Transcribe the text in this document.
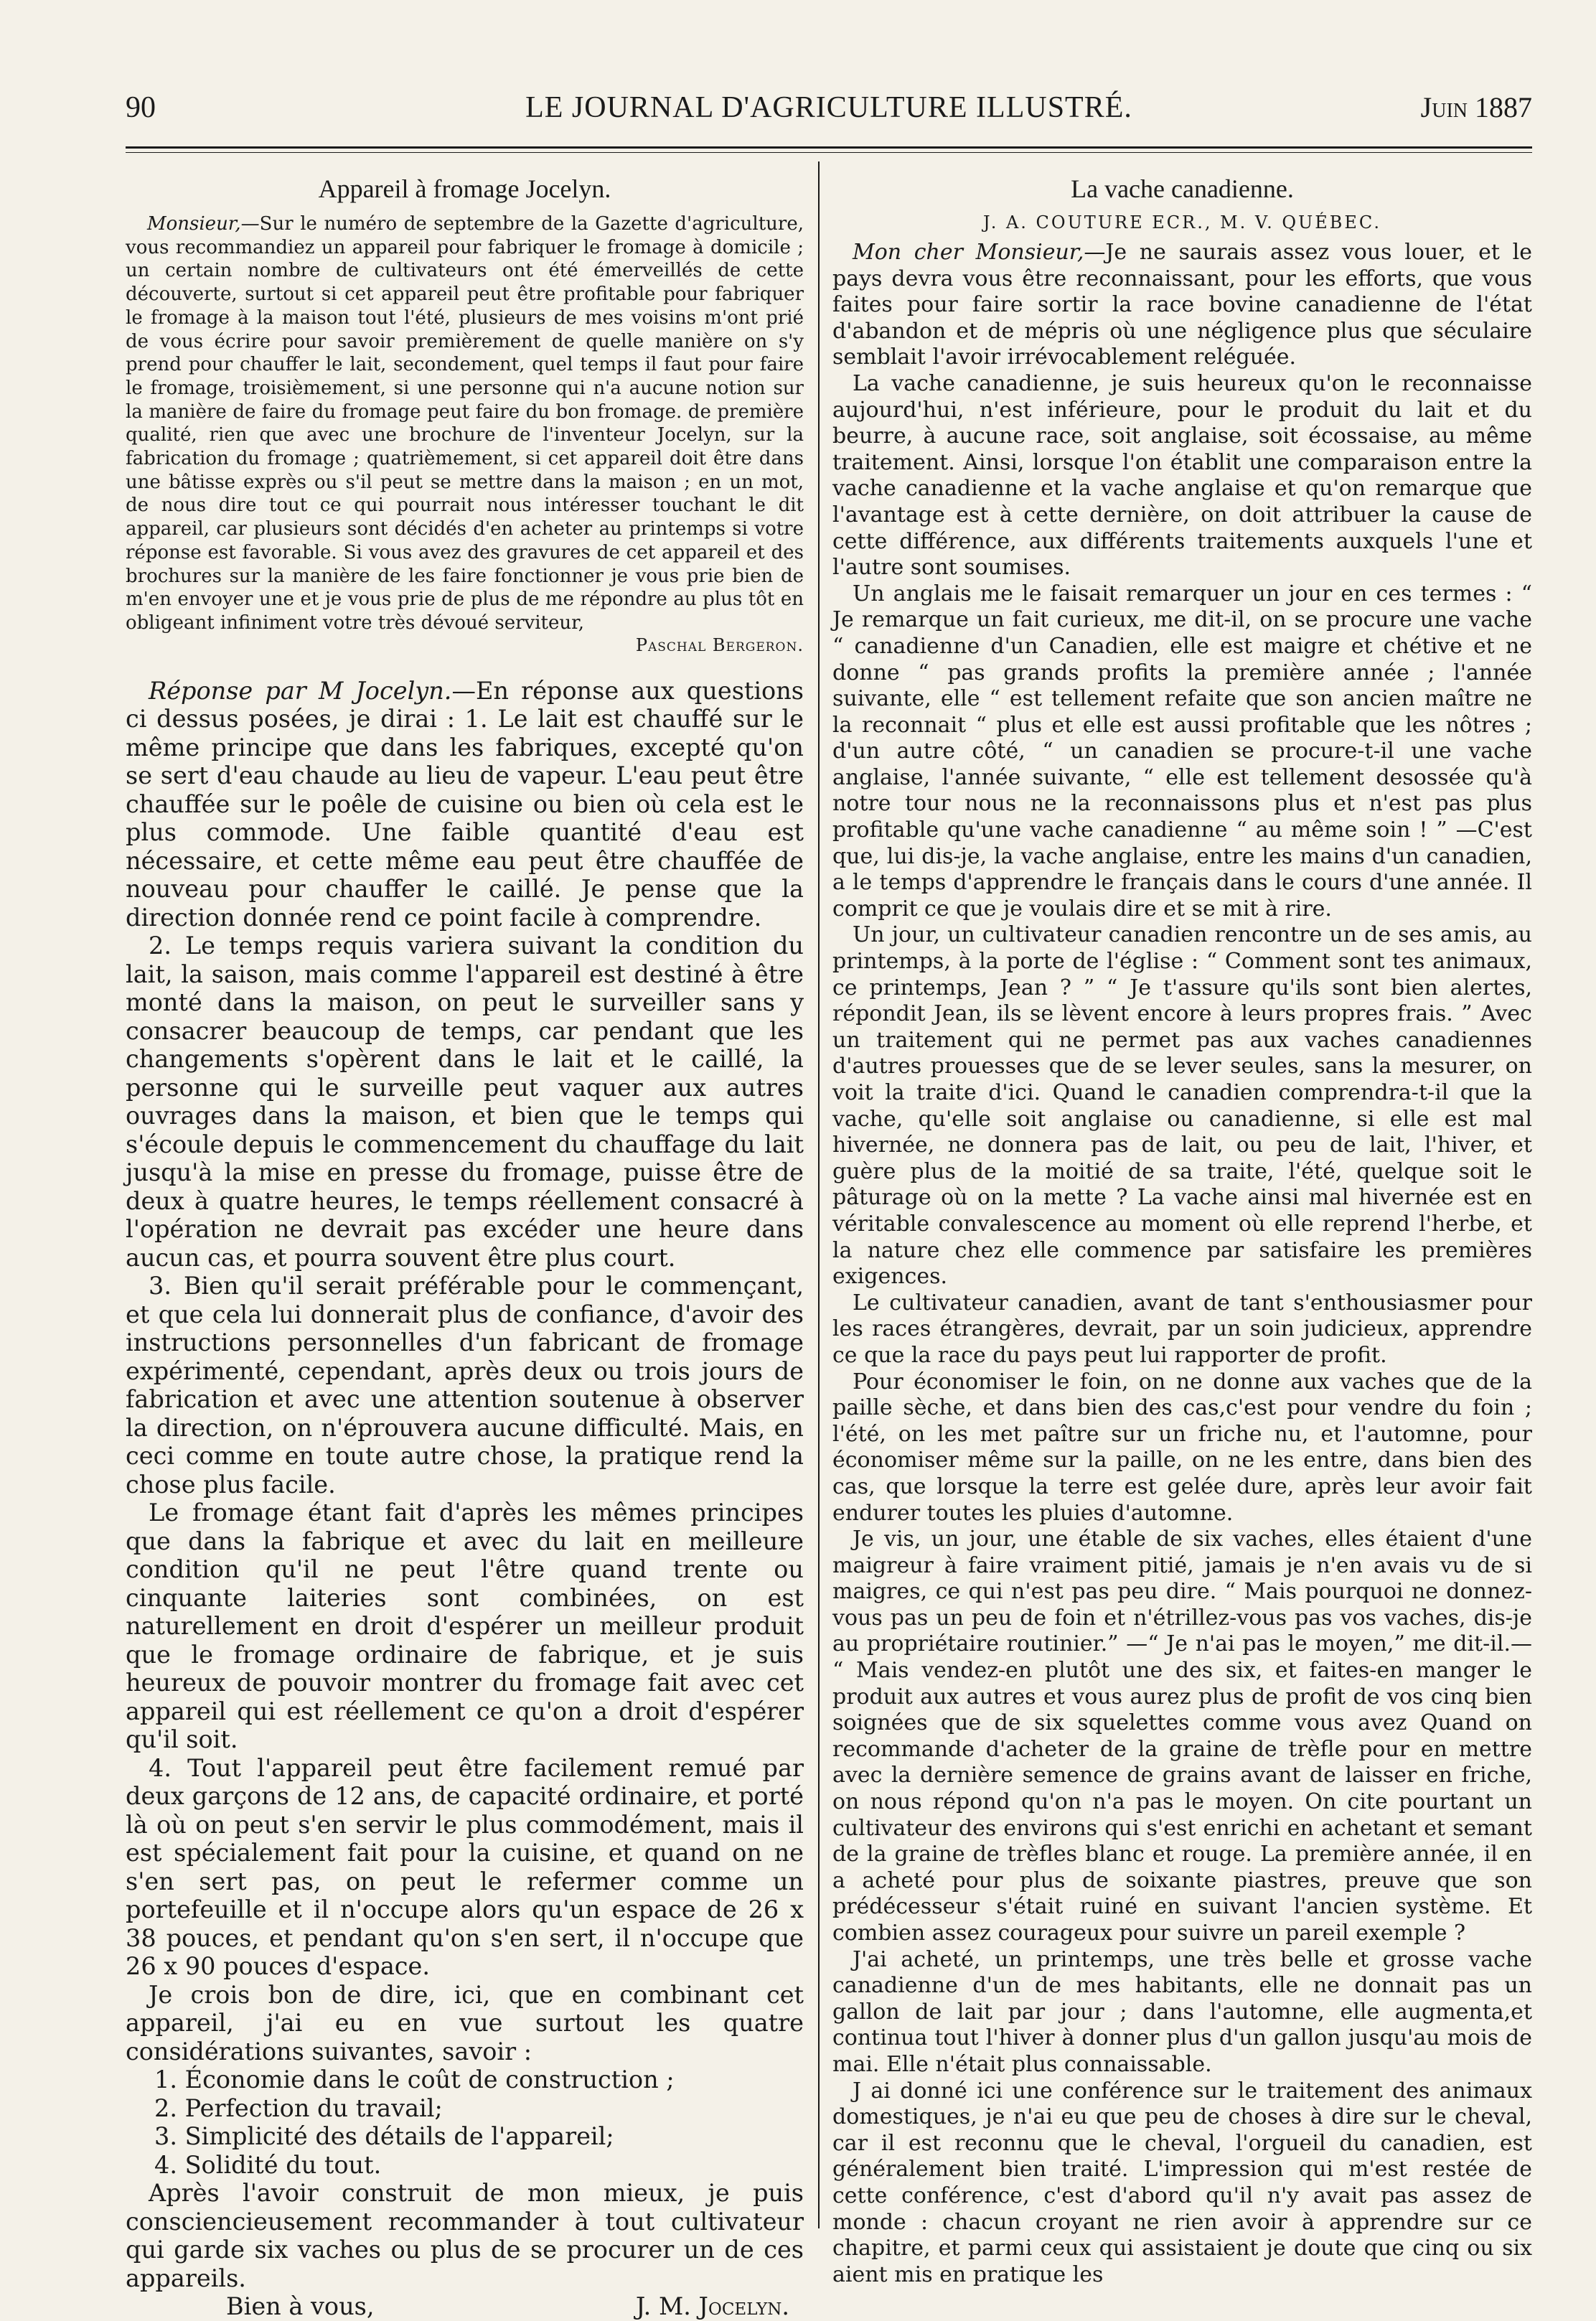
90	LE JOURNAL D'AGRICULTURE ILLUSTRÉ.	Juin 1887
Appareil à fromage Jocelyn.

Monsieur,—Sur le numéro de septembre de la Gazette d'agriculture, vous recommandiez un appareil pour fabriquer le fromage à domicile ; un certain nombre de cultivateurs ont été émerveillés de cette découverte, surtout si cet appareil peut être profitable pour fabriquer le fromage à la maison tout l'été, plusieurs de mes voisins m'ont prié de vous écrire pour savoir premièrement de quelle manière on s'y prend pour chauffer le lait, secondement, quel temps il faut pour faire le fromage, troisièmement, si une personne qui n'a aucune notion sur la manière de faire du fromage peut faire du bon fromage. de première qualité, rien que avec une brochure de l'inventeur Jocelyn, sur la fabrication du fromage ; quatrièmement, si cet appareil doit être dans une bâtisse exprès ou s'il peut se mettre dans la maison ; en un mot, de nous dire tout ce qui pourrait nous intéresser touchant le dit appareil, car plusieurs sont décidés d'en acheter au printemps si votre réponse est favorable. Si vous avez des gravures de cet appareil et des brochures sur la manière de les faire fonctionner je vous prie bien de m'en envoyer une et je vous prie de plus de me répondre au plus tôt en obligeant infiniment votre très dévoué serviteur,

Paschal Bergeron.

Réponse par M Jocelyn.—En réponse aux questions ci dessus posées, je dirai : 1. Le lait est chauffé sur le même principe que dans les fabriques, excepté qu'on se sert d'eau chaude au lieu de vapeur. L'eau peut être chauffée sur le poêle de cuisine ou bien où cela est le plus commode. Une faible quantité d'eau est nécessaire, et cette même eau peut être chauffée de nouveau pour chauffer le caillé. Je pense que la direction donnée rend ce point facile à comprendre.

2. Le temps requis variera suivant la condition du lait, la saison, mais comme l'appareil est destiné à être monté dans la maison, on peut le surveiller sans y consacrer beaucoup de temps, car pendant que les changements s'opèrent dans le lait et le caillé, la personne qui le surveille peut vaquer aux autres ouvrages dans la maison, et bien que le temps qui s'écoule depuis le commencement du chauffage du lait jusqu'à la mise en presse du fromage, puisse être de deux à quatre heures, le temps réellement consacré à l'opération ne devrait pas excéder une heure dans aucun cas, et pourra souvent être plus court.

3. Bien qu'il serait préférable pour le commençant, et que cela lui donnerait plus de confiance, d'avoir des instructions personnelles d'un fabricant de fromage expérimenté, cependant, après deux ou trois jours de fabrication et avec une attention soutenue à observer la direction, on n'éprouvera aucune difficulté. Mais, en ceci comme en toute autre chose, la pratique rend la chose plus facile.

Le fromage étant fait d'après les mêmes principes que dans la fabrique et avec du lait en meilleure condition qu'il ne peut l'être quand trente ou cinquante laiteries sont combinées, on est naturellement en droit d'espérer un meilleur produit que le fromage ordinaire de fabrique, et je suis heureux de pouvoir montrer du fromage fait avec cet appareil qui est réellement ce qu'on a droit d'espérer qu'il soit.

4. Tout l'appareil peut être facilement remué par deux garçons de 12 ans, de capacité ordinaire, et porté là où on peut s'en servir le plus commodément, mais il est spécialement fait pour la cuisine, et quand on ne s'en sert pas, on peut le refermer comme un portefeuille et il n'occupe alors qu'un espace de 26 x 38 pouces, et pendant qu'on s'en sert, il n'occupe que 26 x 90 pouces d'espace.

Je crois bon de dire, ici, que en combinant cet appareil, j'ai eu en vue surtout les quatre considérations suivantes, savoir :

1. Économie dans le coût de construction ;

2. Perfection du travail;

3. Simplicité des détails de l'appareil;

4. Solidité du tout.

Après l'avoir construit de mon mieux, je puis consciencieusement recommander à tout cultivateur qui garde six vaches ou plus de se procurer un de ces appareils.

Bien à vous,	J. M. Jocelyn.
La vache canadienne.
J. A. COUTURE ECR., M. V. QUÉBEC.

Mon cher Monsieur,—Je ne saurais assez vous louer, et le pays devra vous être reconnaissant, pour les efforts, que vous faites pour faire sortir la race bovine canadienne de l'état d'abandon et de mépris où une négligence plus que séculaire semblait l'avoir irrévocablement reléguée.

La vache canadienne, je suis heureux qu'on le reconnaisse aujourd'hui, n'est inférieure, pour le produit du lait et du beurre, à aucune race, soit anglaise, soit écossaise, au même traitement. Ainsi, lorsque l'on établit une comparaison entre la vache canadienne et la vache anglaise et qu'on remarque que l'avantage est à cette dernière, on doit attribuer la cause de cette différence, aux différents traitements auxquels l'une et l'autre sont soumises.

Un anglais me le faisait remarquer un jour en ces termes : “ Je remarque un fait curieux, me dit-il, on se procure une vache “ canadienne d'un Canadien, elle est maigre et chétive et ne donne “ pas grands profits la première année ; l'année suivante, elle “ est tellement refaite que son ancien maître ne la reconnait “ plus et elle est aussi profitable que les nôtres ; d'un autre côté, “ un canadien se procure-t-il une vache anglaise, l'année suivante, “ elle est tellement desossée qu'à notre tour nous ne la reconnaissons plus et n'est pas plus profitable qu'une vache canadienne “ au même soin ! ” —C'est que, lui dis-je, la vache anglaise, entre les mains d'un canadien, a le temps d'apprendre le français dans le cours d'une année. Il comprit ce que je voulais dire et se mit à rire.

Un jour, un cultivateur canadien rencontre un de ses amis, au printemps, à la porte de l'église : “ Comment sont tes animaux, ce printemps, Jean ? ” “ Je t'assure qu'ils sont bien alertes, répondit Jean, ils se lèvent encore à leurs propres frais. ” Avec un traitement qui ne permet pas aux vaches canadiennes d'autres prouesses que de se lever seules, sans la mesurer, on voit la traite d'ici. Quand le canadien comprendra-t-il que la vache, qu'elle soit anglaise ou canadienne, si elle est mal hivernée, ne donnera pas de lait, ou peu de lait, l'hiver, et guère plus de la moitié de sa traite, l'été, quelque soit le pâturage où on la mette ? La vache ainsi mal hivernée est en véritable convalescence au moment où elle reprend l'herbe, et la nature chez elle commence par satisfaire les premières exigences.

Le cultivateur canadien, avant de tant s'enthousiasmer pour les races étrangères, devrait, par un soin judicieux, apprendre ce que la race du pays peut lui rapporter de profit.

Pour économiser le foin, on ne donne aux vaches que de la paille sèche, et dans bien des cas,c'est pour vendre du foin ; l'été, on les met paître sur un friche nu, et l'automne, pour économiser même sur la paille, on ne les entre, dans bien des cas, que lorsque la terre est gelée dure, après leur avoir fait endurer toutes les pluies d'automne.

Je vis, un jour, une étable de six vaches, elles étaient d'une maigreur à faire vraiment pitié, jamais je n'en avais vu de si maigres, ce qui n'est pas peu dire. “ Mais pourquoi ne donnez-vous pas un peu de foin et n'étrillez-vous pas vos vaches, dis-je au propriétaire routinier.” —“ Je n'ai pas le moyen,” me dit-il.— “ Mais vendez-en plutôt une des six, et faites-en manger le produit aux autres et vous aurez plus de profit de vos cinq bien soignées que de six squelettes comme vous avez Quand on recommande d'acheter de la graine de trèfle pour en mettre avec la dernière semence de grains avant de laisser en friche, on nous répond qu'on n'a pas le moyen. On cite pourtant un cultivateur des environs qui s'est enrichi en achetant et semant de la graine de trèfles blanc et rouge. La première année, il en a acheté pour plus de soixante piastres, preuve que son prédécesseur s'était ruiné en suivant l'ancien système. Et combien assez courageux pour suivre un pareil exemple ?

J'ai acheté, un printemps, une très belle et grosse vache canadienne d'un de mes habitants, elle ne donnait pas un gallon de lait par jour ; dans l'automne, elle augmenta,et continua tout l'hiver à donner plus d'un gallon jusqu'au mois de mai. Elle n'était plus connaissable.

J ai donné ici une conférence sur le traitement des animaux domestiques, je n'ai eu que peu de choses à dire sur le cheval, car il est reconnu que le cheval, l'orgueil du canadien, est généralement bien traité. L'impression qui m'est restée de cette conférence, c'est d'abord qu'il n'y avait pas assez de monde : chacun croyant ne rien avoir à apprendre sur ce chapitre, et parmi ceux qui assistaient je doute que cinq ou six aient mis en pratique les
